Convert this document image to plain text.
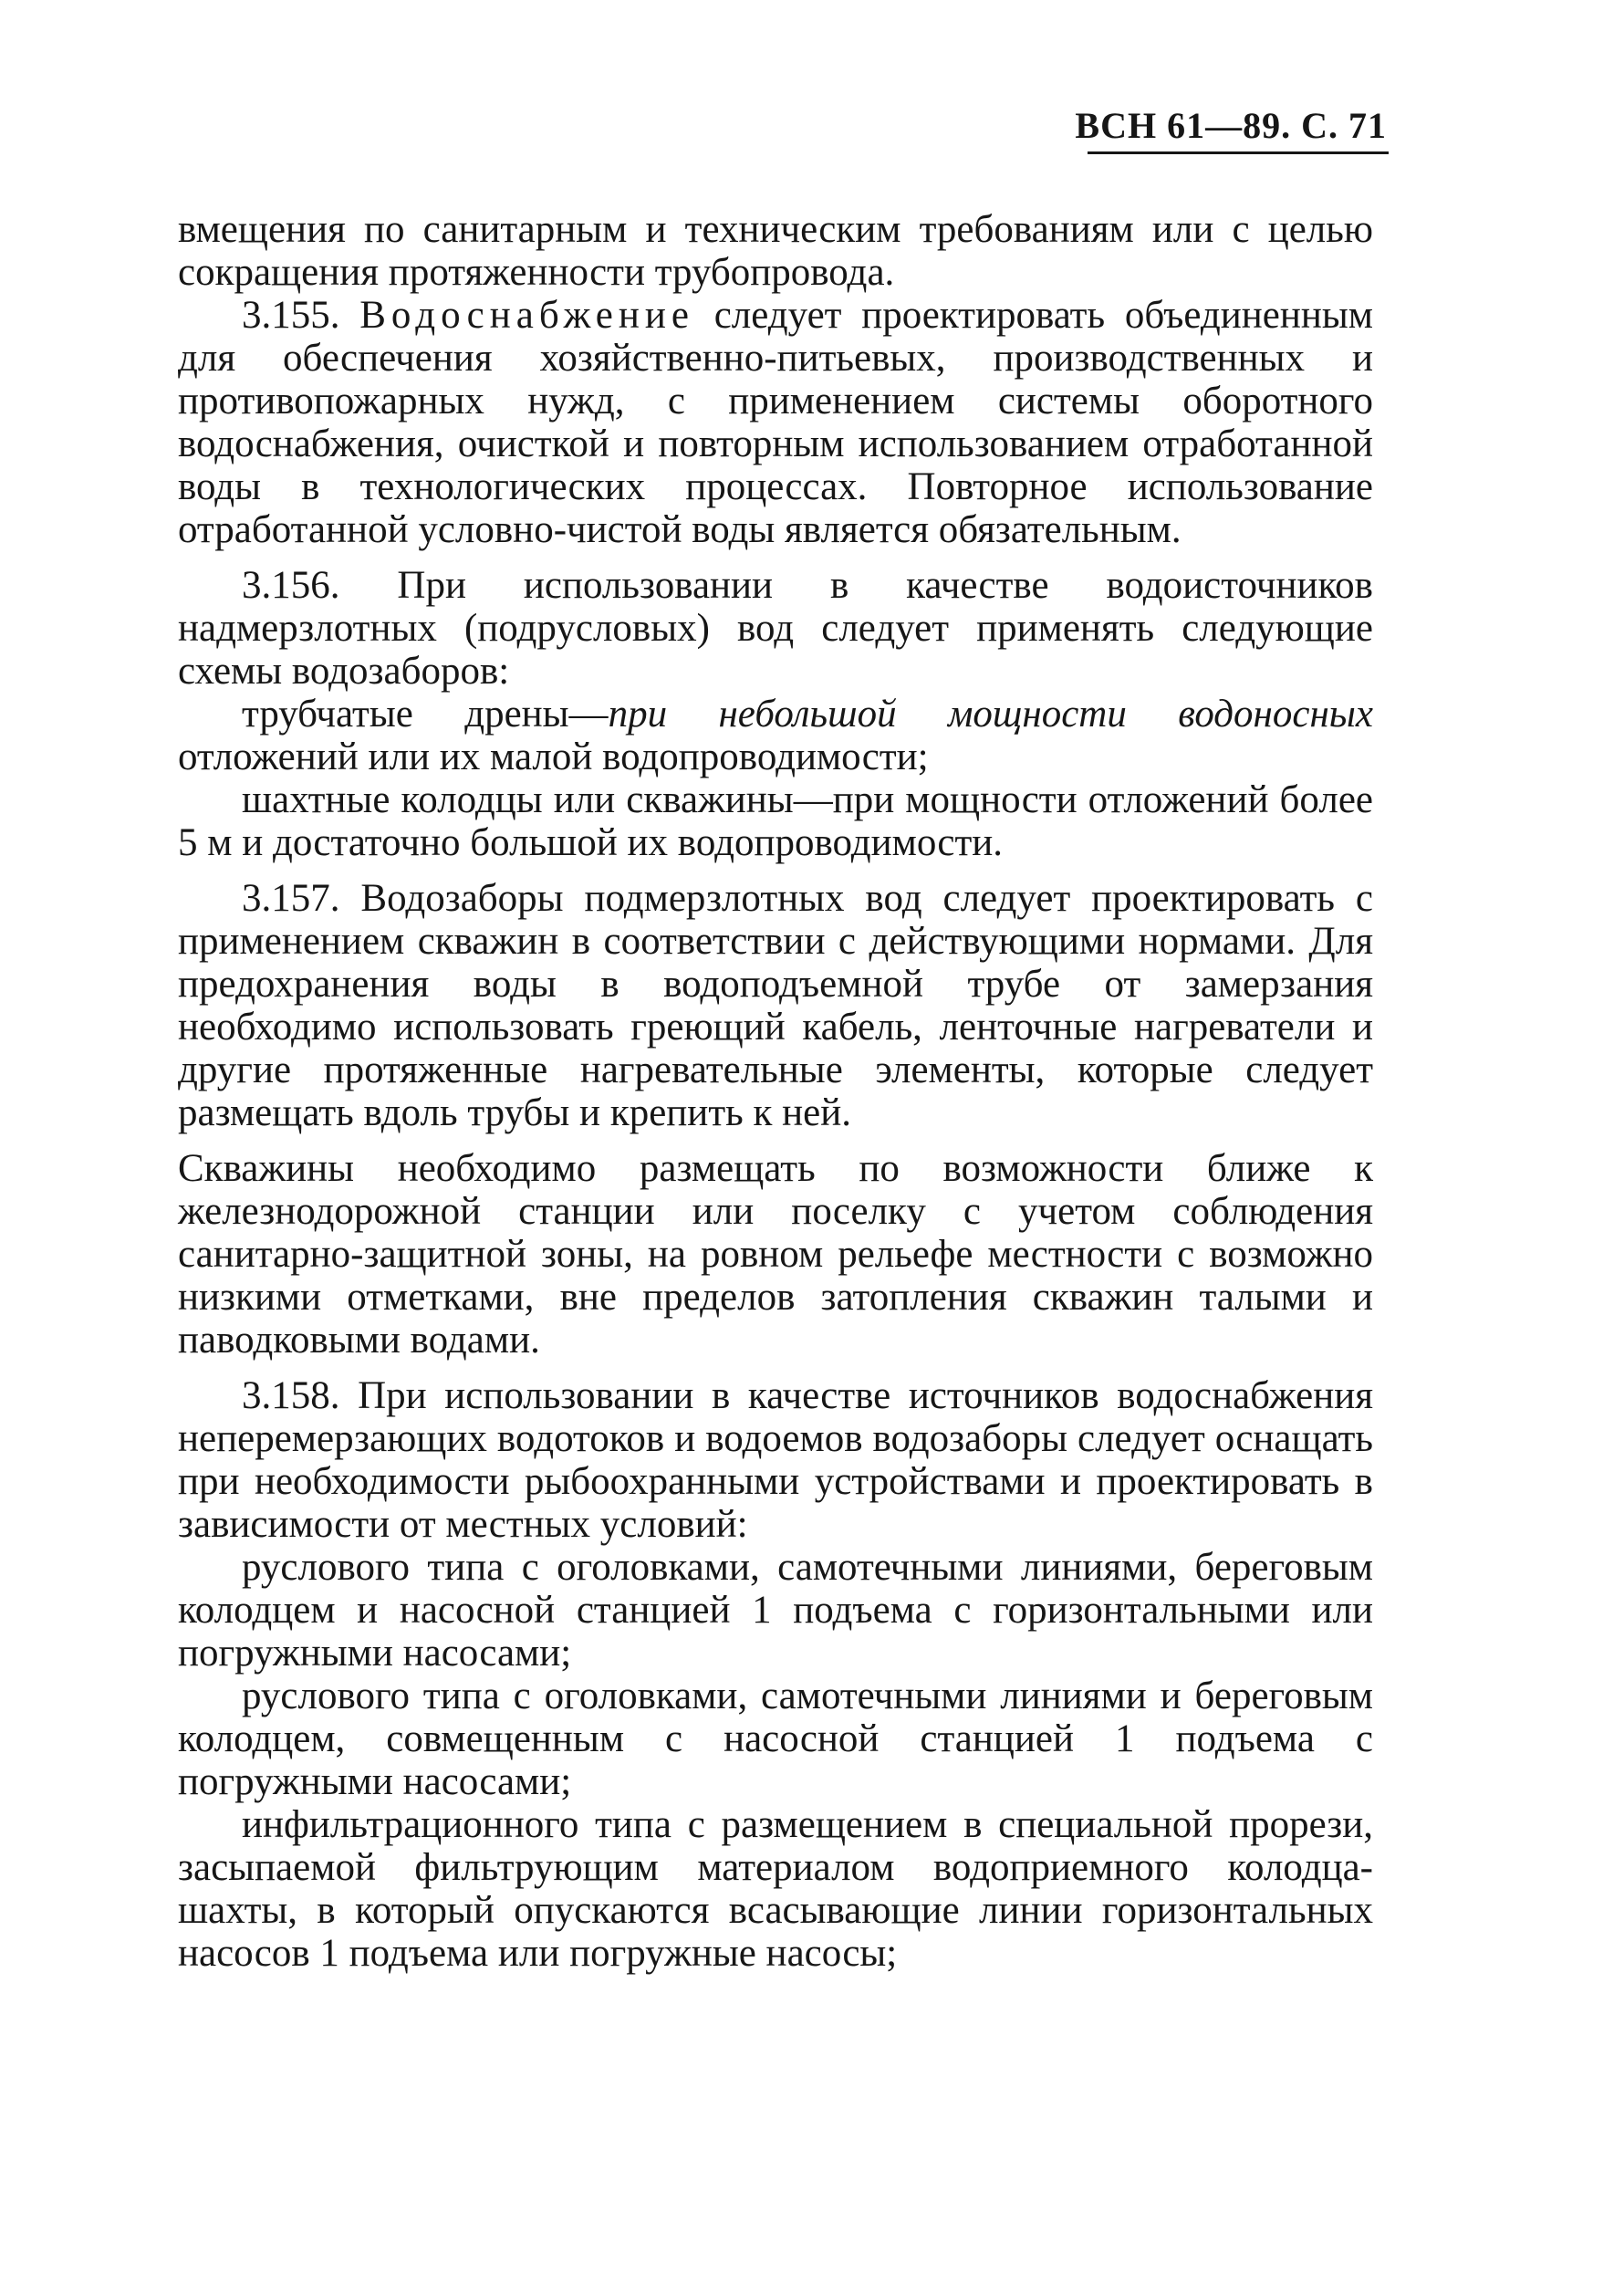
ВСН 61—89. С. 71

вмещения по санитарным и техническим требованиям или с целью сокращения протяженности трубопровода.

3.155. Водоснабжение следует проектировать объединенным для обеспечения хозяйственно-питьевых, производственных и противопожарных нужд, с применением системы оборотного водоснабжения, очисткой и повторным использованием отработанной воды в технологических процессах. Повторное использование отработанной условно-чистой воды является обязательным.

3.156. При использовании в качестве водоисточников надмерзлотных (подрусловых) вод следует применять следующие схемы водозаборов:

трубчатые дрены—при небольшой мощности водоносных отложений или их малой водопроводимости;

шахтные колодцы или скважины—при мощности отложений более 5 м и достаточно большой их водопроводимости.

3.157. Водозаборы подмерзлотных вод следует проектировать с применением скважин в соответствии с действующими нормами. Для предохранения воды в водоподъемной трубе от замерзания необходимо использовать греющий кабель, ленточные нагреватели и другие протяженные нагревательные элементы, которые следует размещать вдоль трубы и крепить к ней.

Скважины необходимо размещать по возможности ближе к железнодорожной станции или поселку с учетом соблюдения санитарно-защитной зоны, на ровном рельефе местности с возможно низкими отметками, вне пределов затопления скважин талыми и паводковыми водами.

3.158. При использовании в качестве источников водоснабжения неперемерзающих водотоков и водоемов водозаборы следует оснащать при необходимости рыбоохранными устройствами и проектировать в зависимости от местных условий:

руслового типа с оголовками, самотечными линиями, береговым колодцем и насосной станцией 1 подъема с горизонтальными или погружными насосами;

руслового типа с оголовками, самотечными линиями и береговым колодцем, совмещенным с насосной станцией 1 подъема с погружными насосами;

инфильтрационного типа с размещением в специальной прорези, засыпаемой фильтрующим материалом водоприемного колодца-шахты, в который опускаются всасывающие линии горизонтальных насосов 1 подъема или погружные насосы;
